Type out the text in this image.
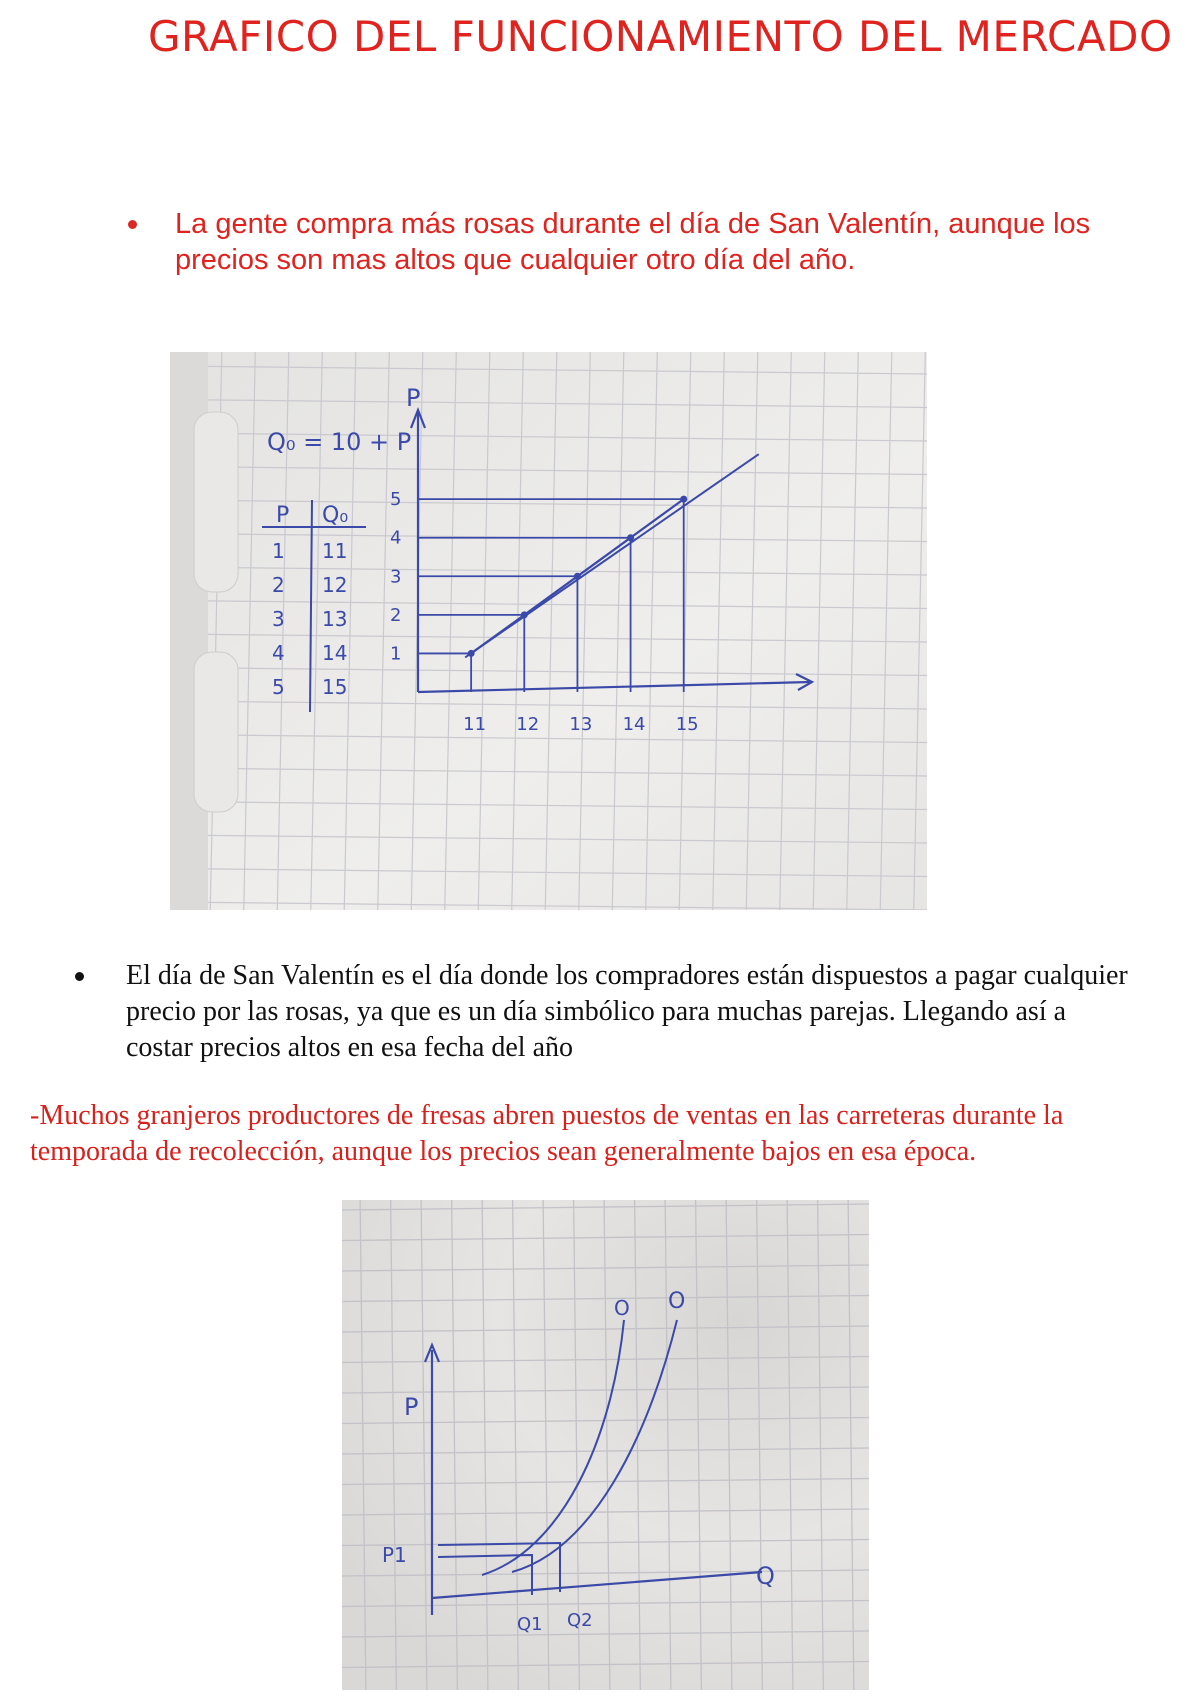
GRAFICO DEL FUNCIONAMIENTO DEL MERCADO
La gente compra más rosas durante el día de San Valentín, aunque los precios son mas altos que cualquier otro día del año.
Q₀ = 10 + P
P Q₀
1 11
2 12
3 13
4 14
5 15
P
1
2
3
4
5
11 12 13 14 15
El día de San Valentín es el día donde los compradores están dispuestos a pagar cualquier precio por las rosas, ya que es un día simbólico para muchas parejas. Llegando así a costar precios altos en esa fecha del año

-Muchos granjeros productores de fresas abren puestos de ventas en las carreteras durante la temporada de recolección, aunque los precios sean generalmente bajos en esa época.

P
Q
O O
P1
Q1 Q2
